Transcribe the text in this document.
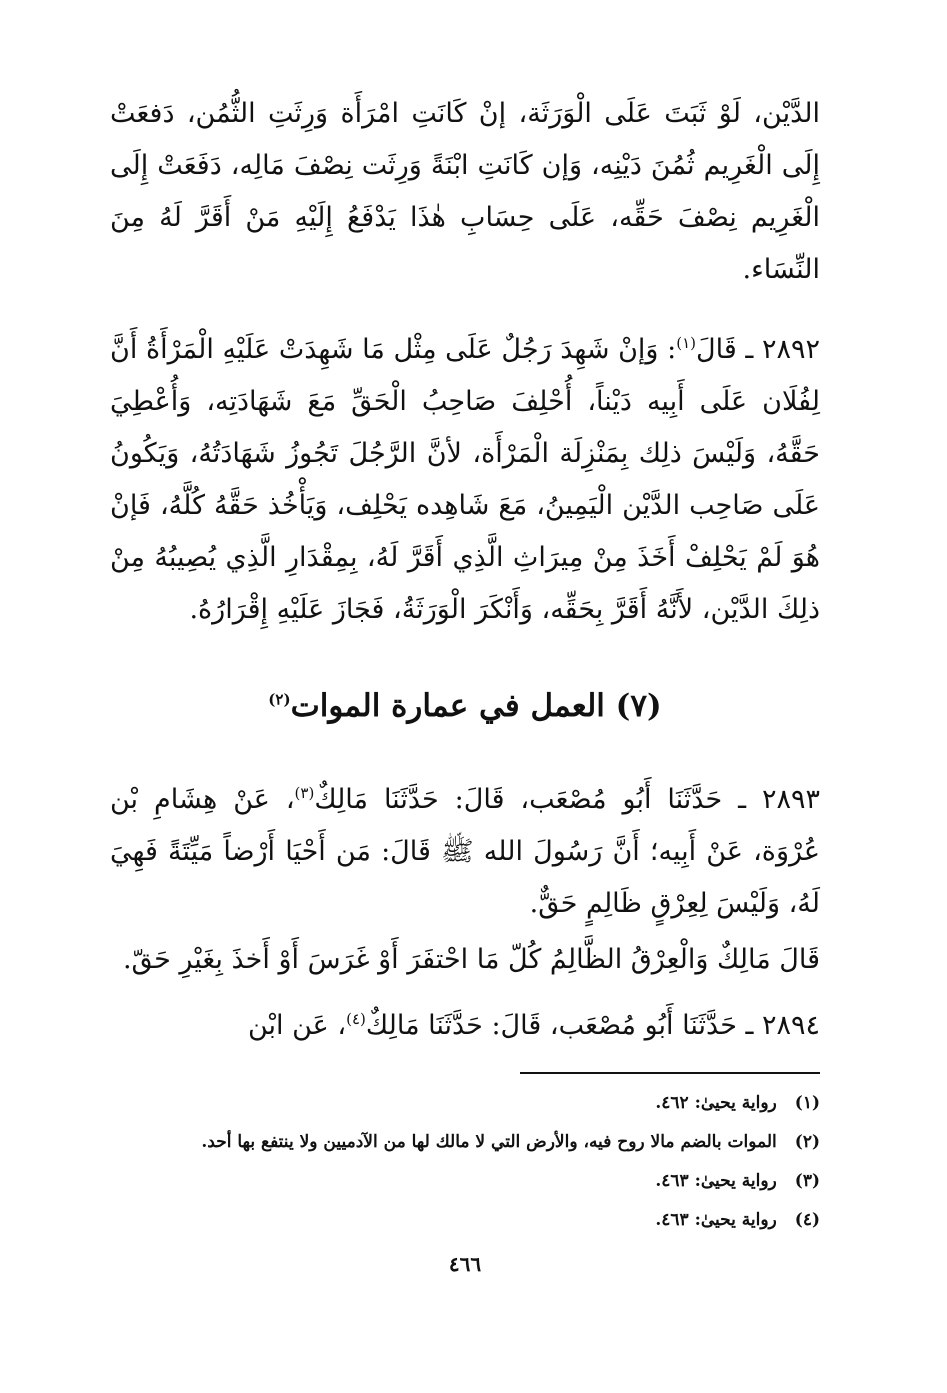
الدَّيْن، لَوْ ثَبَتَ عَلَى الْوَرَثَة، إنْ كَانَتِ امْرَأَة وَرِثَتِ الثُّمُن، دَفعَتْ إِلَى الْغَرِيم ثُمُنَ دَيْنِه، وَإن كَانَتِ ابْنَةً وَرِثَت نِصْفَ مَالِه، دَفَعَتْ إِلَى الْغَرِيم نِصْفَ حَقِّه، عَلَى حِسَابِ هٰذَا يَدْفَعُ إِلَيْهِ مَنْ أَقَرَّ لَهُ مِنَ النِّسَاء.

٢٨٩٢ ـ قَالَ$^{(١)}$: وَإنْ شَهِدَ رَجُلٌ عَلَى مِثْل مَا شَهِدَتْ عَلَيْهِ الْمَرْأَةُ أَنَّ لِفُلَان عَلَى أَبِيه دَيْناً، أُحْلِفَ صَاحِبُ الْحَقِّ مَعَ شَهَادَتِه، وَأُعْطِيَ حَقَّهُ، وَلَيْسَ ذلِك بِمَنْزِلَة الْمَرْأَة، لأنَّ الرَّجُلَ تَجُوزُ شَهَادَتُهُ، وَيَكُونُ عَلَى صَاحِب الدَّيْن الْيَمِينُ، مَعَ شَاهِده يَحْلِف، وَيَأْخُذ حَقَّهُ كُلَّهُ، فَإنْ هُوَ لَمْ يَحْلِفْ أَخَذَ مِنْ مِيرَاثِ الَّذِي أَقَرَّ لَهُ، بِمِقْدَارِ الَّذِي يُصِيبُهُ مِنْ ذلِكَ الدَّيْن، لأَنَّهُ أَقَرَّ بِحَقِّه، وَأَنْكَرَ الْوَرَثَةُ، فَجَازَ عَلَيْهِ إِقْرَارُهُ.

(٧) العمل في عمارة الموات$^{(٢)}$

٢٨٩٣ ـ حَدَّثَنَا أَبُو مُصْعَب، قَالَ: حَدَّثَنَا مَالِكٌ$^{(٣)}$، عَنْ هِشَامِ بْن عُرْوَة، عَنْ أَبِيه؛ أَنَّ رَسُولَ الله ﷺ قَالَ: مَن أَحْيَا أَرْضاً مَيِّتَةً فَهِيَ لَهُ، وَلَيْسَ لِعِرْقٍ ظَالِمٍ حَقٌّ.

قَالَ مَالِكٌ وَالْعِرْقُ الظَّالِمُ كُلّ مَا احْتفَرَ أَوْ غَرَسَ أَوْ أَخذَ بِغَيْرِ حَقّ.

٢٨٩٤ ـ حَدَّثَنَا أَبُو مُصْعَب، قَالَ: حَدَّثَنَا مَالِكٌ$^{(٤)}$، عَن ابْن

(١)
رواية يحيىٰ: ٤٦٢.
(٢)
الموات بالضم مالا روح فيه، والأرض التي لا مالك لها من الآدميين ولا ينتفع بها أحد.
(٣)
رواية يحيىٰ: ٤٦٣.
(٤)
رواية يحيىٰ: ٤٦٣.
٤٦٦
